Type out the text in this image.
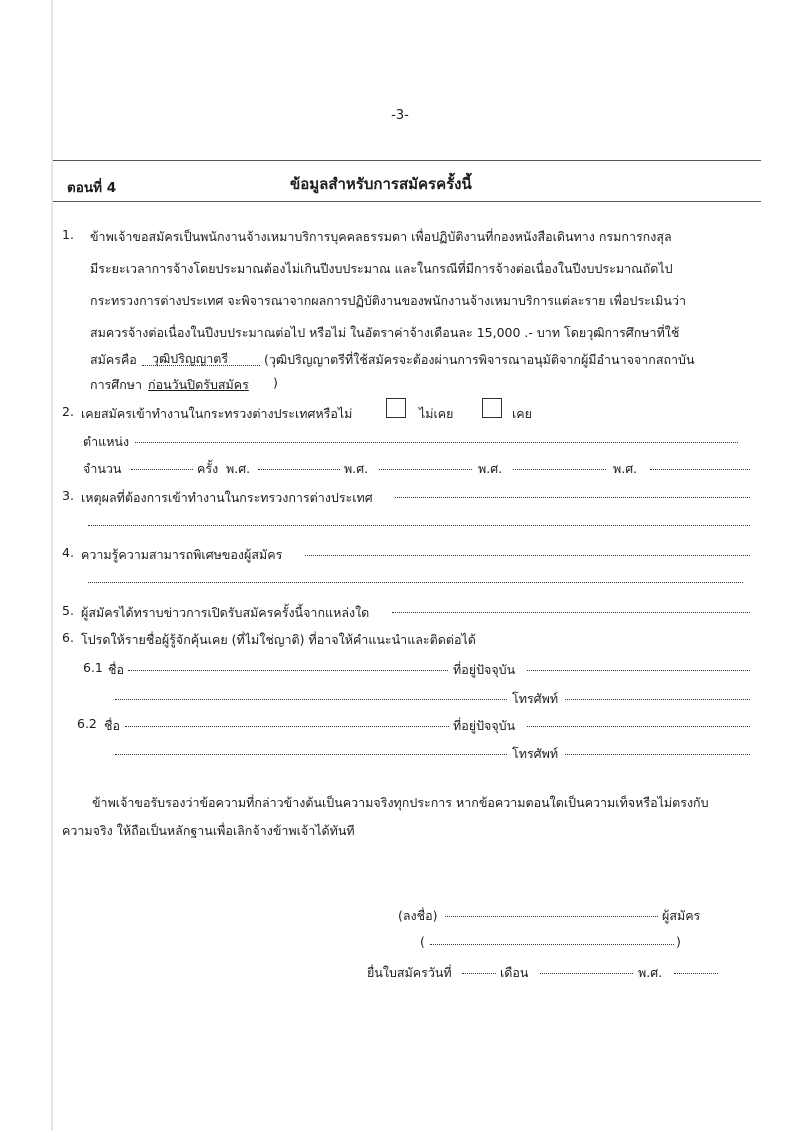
-3-
ตอนที่ 4	ข้อมูลสำหรับการสมัครครั้งนี้
1. ข้าพเจ้าขอสมัครเป็นพนักงานจ้างเหมาบริการบุคคลธรรมดา เพื่อปฏิบัติงานที่กองหนังสือเดินทาง กรมการกงสุล
มีระยะเวลาการจ้างโดยประมาณต้องไม่เกินปีงบประมาณ และในกรณีที่มีการจ้างต่อเนื่องในปีงบประมาณถัดไป
กระทรวงการต่างประเทศ จะพิจารณาจากผลการปฏิบัติงานของพนักงานจ้างเหมาบริการแต่ละราย เพื่อประเมินว่า
สมควรจ้างต่อเนื่องในปีงบประมาณต่อไป หรือไม่ ในอัตราค่าจ้างเดือนละ 15,000 .- บาท โดยวุฒิการศึกษาที่ใช้
สมัครคือ วุฒิปริญญาตรี	(วุฒิปริญญาตรีที่ใช้สมัครจะต้องผ่านการพิจารณาอนุมัติจากผู้มีอำนาจจากสถาบัน
การศึกษา ก่อนวันปิดรับสมัคร )
2. เคยสมัครเข้าทำงานในกระทรวงต่างประเทศหรือไม่	ไม่เคย	เคย
ตำแหน่ง
จำนวน	ครั้ง พ.ศ.	พ.ศ.	พ.ศ.	พ.ศ.
3. เหตุผลที่ต้องการเข้าทำงานในกระทรวงการต่างประเทศ
4. ความรู้ความสามารถพิเศษของผู้สมัคร
5. ผู้สมัครได้ทราบข่าวการเปิดรับสมัครครั้งนี้จากแหล่งใด
6. โปรดให้รายชื่อผู้รู้จักคุ้นเคย (ที่ไม่ใช่ญาติ) ที่อาจให้คำแนะนำและติดต่อได้
6.1 ชื่อ	ที่อยู่ปัจจุบัน
โทรศัพท์
6.2 ชื่อ	ที่อยู่ปัจจุบัน
โทรศัพท์
ข้าพเจ้าขอรับรองว่าข้อความที่กล่าวข้างต้นเป็นความจริงทุกประการ หากข้อความตอนใดเป็นความเท็จหรือไม่ตรงกับ
ความจริง ให้ถือเป็นหลักฐานเพื่อเลิกจ้างข้าพเจ้าได้ทันที
(ลงชื่อ)	ผู้สมัคร
(	)
ยื่นใบสมัครวันที่	เดือน	พ.ศ.
